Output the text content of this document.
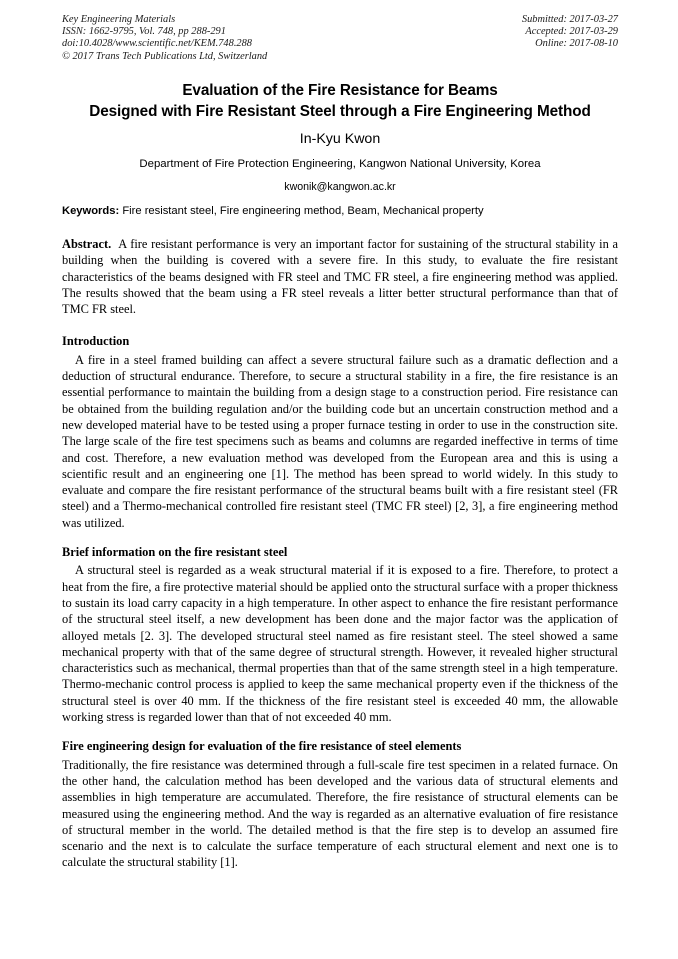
Key Engineering Materials
ISSN: 1662-9795, Vol. 748, pp 288-291
doi:10.4028/www.scientific.net/KEM.748.288
© 2017 Trans Tech Publications Ltd, Switzerland
Submitted: 2017-03-27
Accepted: 2017-03-29
Online: 2017-08-10
Evaluation of the Fire Resistance for Beams
Designed with Fire Resistant Steel through a Fire Engineering Method
In-Kyu Kwon
Department of Fire Protection Engineering, Kangwon National University, Korea
kwonik@kangwon.ac.kr
Keywords: Fire resistant steel, Fire engineering method, Beam, Mechanical property

Abstract. A fire resistant performance is very an important factor for sustaining of the structural stability in a building when the building is covered with a severe fire. In this study, to evaluate the fire resistant characteristics of the beams designed with FR steel and TMC FR steel, a fire engineering method was applied. The results showed that the beam using a FR steel reveals a litter better structural performance than that of TMC FR steel.

Introduction

A fire in a steel framed building can affect a severe structural failure such as a dramatic deflection and a deduction of structural endurance. Therefore, to secure a structural stability in a fire, the fire resistance is an essential performance to maintain the building from a design stage to a construction period. Fire resistance can be obtained from the building regulation and/or the building code but an uncertain construction method and a new developed material have to be tested using a proper furnace testing in order to use in the construction site. The large scale of the fire test specimens such as beams and columns are regarded ineffective in terms of time and cost. Therefore, a new evaluation method was developed from the European area and this is using a scientific result and an engineering one [1]. The method has been spread to world widely. In this study to evaluate and compare the fire resistant performance of the structural beams built with a fire resistant steel (FR steel) and a Thermo-mechanical controlled fire resistant steel (TMC FR steel) [2, 3], a fire engineering method was utilized.

Brief information on the fire resistant steel

A structural steel is regarded as a weak structural material if it is exposed to a fire. Therefore, to protect a heat from the fire, a fire protective material should be applied onto the structural surface with a proper thickness to sustain its load carry capacity in a high temperature. In other aspect to enhance the fire resistant performance of the structural steel itself, a new development has been done and the major factor was the application of alloyed metals [2. 3]. The developed structural steel named as fire resistant steel. The steel showed a same mechanical property with that of the same degree of structural strength. However, it revealed higher structural characteristics such as mechanical, thermal properties than that of the same strength steel in a high temperature. Thermo-mechanic control process is applied to keep the same mechanical property even if the thickness of the structural steel is over 40 mm. If the thickness of the fire resistant steel is exceeded 40 mm, the allowable working stress is regarded lower than that of not exceeded 40 mm.

Fire engineering design for evaluation of the fire resistance of steel elements

Traditionally, the fire resistance was determined through a full-scale fire test specimen in a related furnace. On the other hand, the calculation method has been developed and the various data of structural elements and assemblies in high temperature are accumulated. Therefore, the fire resistance of structural elements can be measured using the engineering method. And the way is regarded as an alternative evaluation of fire resistance of structural member in the world. The detailed method is that the fire step is to develop an assumed fire scenario and the next is to calculate the surface temperature of each structural element and next one is to calculate the structural stability [1].
